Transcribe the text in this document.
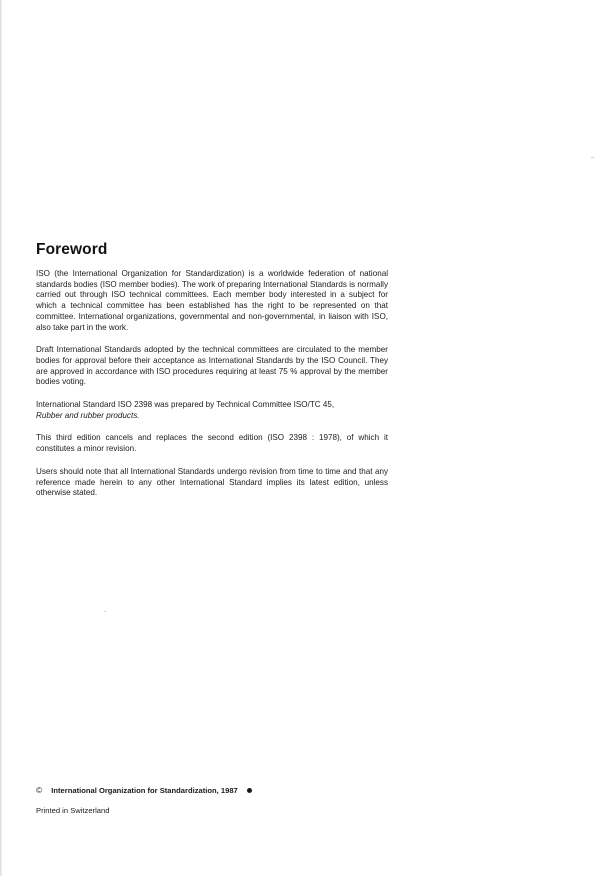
Foreword

ISO (the International Organization for Standardization) is a worldwide federation of national standards bodies (ISO member bodies). The work of preparing International Standards is normally carried out through ISO technical committees. Each member body interested in a subject for which a technical committee has been established has the right to be represented on that committee. International organizations, governmental and non-governmental, in liaison with ISO, also take part in the work.

Draft International Standards adopted by the technical committees are circulated to the member bodies for approval before their acceptance as International Standards by the ISO Council. They are approved in accordance with ISO procedures requiring at least 75 % approval by the member bodies voting.

International Standard ISO 2398 was prepared by Technical Committee ISO/TC 45,
Rubber and rubber products.

This third edition cancels and replaces the second edition (ISO 2398 : 1978), of which it constitutes a minor revision.

Users should note that all International Standards undergo revision from time to time and that any reference made herein to any other International Standard implies its latest edition, unless otherwise stated.

© International Organization for Standardization, 1987
Printed in Switzerland
